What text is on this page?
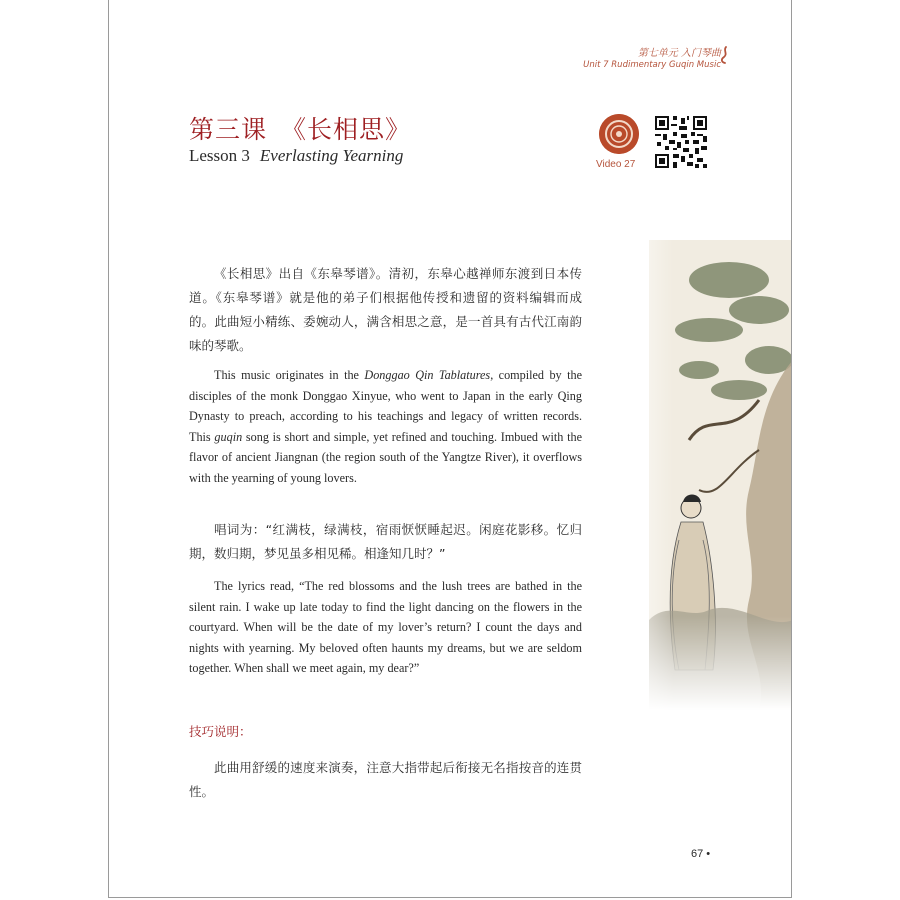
第七单元 入门琴曲
Unit 7 Rudimentary Guqin Music
第三课 《长相思》
Lesson 3 Everlasting Yearning	Video 27

《长相思》出自《东皋琴谱》。清初，东皋心越禅师东渡到日本传道。《东皋琴谱》就是他的弟子们根据他传授和遗留的资料编辑而成的。此曲短小精练、委婉动人，满含相思之意，是一首具有古代江南韵味的琴歌。

This music originates in the Donggao Qin Tablatures, compiled by the disciples of the monk Donggao Xinyue, who went to Japan in the early Qing Dynasty to preach, according to his teachings and legacy of written records. This guqin song is short and simple, yet refined and touching. Imbued with the flavor of ancient Jiangnan (the region south of the Yangtze River), it overflows with the yearning of young lovers.

唱词为：“红满枝，绿满枝，宿雨恹恹睡起迟。闲庭花影移。忆归期，数归期，梦见虽多相见稀。相逢知几时？”

The lyrics read, “The red blossoms and the lush trees are bathed in the silent rain. I wake up late today to find the light dancing on the flowers in the courtyard. When will be the date of my lover’s return? I count the days and nights with yearning. My beloved often haunts my dreams, but we are seldom together. When shall we meet again, my dear?”

技巧说明：

此曲用舒缓的速度来演奏，注意大指带起后衔接无名指按音的连贯性。

67 •
